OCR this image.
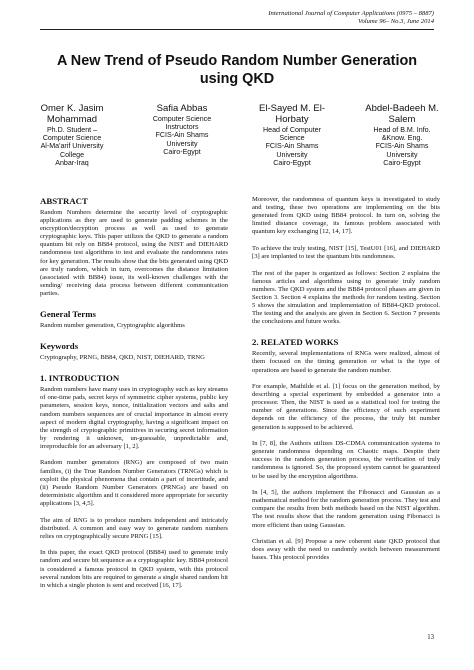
International Journal of Computer Applications (0975 – 8887)
Volume 96– No.3, June 2014
A New Trend of Pseudo Random Number Generation using QKD
Omer K. Jasim Mohammad
Ph.D. Student –
Computer Science
Al-Ma'arif University
College
Anbar-Iraq
Safia Abbas
Computer Science
Instructors
FCIS-Ain Shams
University
Cairo-Egypt
El-Sayed M. El-Horbaty
Head of Computer
Science
FCIS-Ain Shams
University
Cairo-Egypt
Abdel-Badeeh M. Salem
Head of B.M. Info.
&Know. Eng.
FCIS-Ain Shams
University
Cairo-Egypt
ABSTRACT

Random Numbers determine the security level of cryptographic applications as they are used to generate padding schemes in the encryption/decryption process as well as used to generate cryptographic keys. This paper utilizes the QKD to generate a random quantum bit rely on BB84 protocol, using the NIST and DIEHARD randomness test algorithms to test and evaluate the randomness rates for key generation. The results show that the bits generated using QKD are truly random, which in turn, overcomes the distance limitation (associated with BB84) issue, its well-known challenges with the sending/ receiving data process between different communication parties.

General Terms

Random number generation, Cryptographic algorithms

Keywords

Cryptography, PRNG, BB84, QKD, NIST, DIEHARD, TRNG

1. INTRODUCTION

Random numbers have many uses in cryptography such as key streams of one-time pads, secret keys of symmetric cipher systems, public key parameters, session keys, nonce, initialization vectors and salts and random numbers sequences are of crucial importance in almost every aspect of modern digital cryptography, having a significant impact on the strength of cryptographic primitives in securing secret information by rendering it unknown, un-guessable, unpredictable and, irreproducible for an adversary [1, 2].

Random number generators (RNG) are composed of two main families, (i) the True Random Number Generators (TRNGs) which is exploit the physical phenomena that contain a part of incertitude, and (ii) Pseudo Random Number Generators (PRNGs) are based on deterministic algorithm and it considered more appropriate for security applications [3, 4,5].

The aim of RNG is to produce numbers independent and intricately distributed. A common and easy way to generate random numbers relies on cryptographically secure PRNG [15].

In this paper, the exact QKD protocol (BB84) used to generate truly random and secure bit sequence as a cryptographic key. BB84 protocol is considered a famous protocol in QKD system, with this protocol several random bits are required to generate a single shared random bit in which a single photon is sent and received [16, 17].

Moreover, the randomness of quantum keys is investigated to study and testing, these two operations are implementing on the bits generated from QKD using BB84 protocol. In turn on, solving the limited distance coverage, its famous problem associated with quantum key exchanging [12, 14, 17].

To achieve the truly testing, NIST [15], TestU01 [16], and DIEHARD [3] are implanted to test the quantum bits randomness.

The rest of the paper is organized as follows: Section 2 explains the famous articles and algorithms using to generate truly random numbers. The QKD system and the BB84 protocol phases are given in Section 3. Section 4 explains the methods for random testing. Section 5 shows the simulation and implementation of BB84-QKD protocol. The testing and the analysis are given in Section 6. Section 7 presents the conclusions and future works.

2. RELATED WORKS

Recently, several implementations of RNGs were realized, almost of them focused on the timing generation or what is the type of operations are based to generate the random number.

For example, Mathilde et al. [1] focus on the generation method, by describing a special experiment by embedded a generator into a processor. Then, the NIST is used as a statistical tool for testing the number of generations. Since the efficiency of such experiment depends on the efficiency of the process, the truly bit number generation is supposed to be achieved.

In [7, 8], the Authors utilizes DS-CDMA communication systems to generate randomness depending on Chaotic maps. Despite their success in the random generation process, the verification of truly randomness is ignored. So, the proposed system cannot be guaranteed to be used by the encryption algorithms.

In [4, 5], the authors implement the Fibonacci and Gaussian as a mathematical method for the random generation process. They test and compare the results from both methods based on the NIST algorithm. The test results show that the random generation using Fibonacci is more efficient than using Gaussian.

Christian et al. [9] Propose a new coherent state QKD protocol that does away with the need to randomly switch between measurement bases. This protocol provides

13
